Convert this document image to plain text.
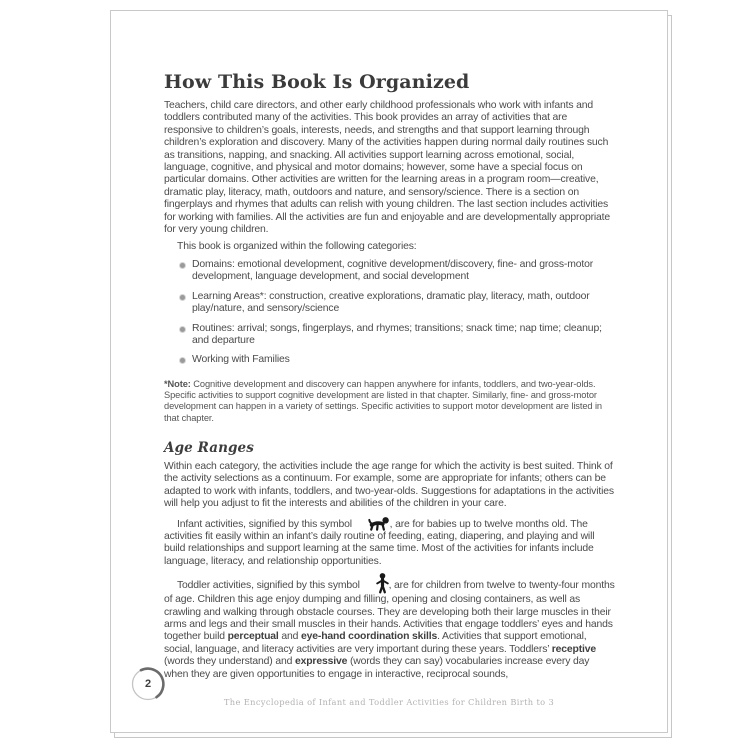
How This Book Is Organized

Teachers, child care directors, and other early childhood professionals who work with infants and toddlers contributed many of the activities. This book provides an array of activities that are responsive to children’s goals, interests, needs, and strengths and that support learning through children’s exploration and discovery. Many of the activities happen during normal daily routines such as transitions, napping, and snacking. All activities support learning across emotional, social, language, cognitive, and physical and motor domains; however, some have a special focus on particular domains. Other activities are written for the learning areas in a program room—creative, dramatic play, literacy, math, outdoors and nature, and sensory/science. There is a section on fingerplays and rhymes that adults can relish with young children. The last section includes activities for working with families. All the activities are fun and enjoyable and are developmentally appropriate for very young children.

This book is organized within the following categories:

Domains: emotional development, cognitive development/discovery, fine- and gross-motor development, language development, and social development
Learning Areas*: construction, creative explorations, dramatic play, literacy, math, outdoor play/nature, and sensory/science
Routines: arrival; songs, fingerplays, and rhymes; transitions; snack time; nap time; cleanup; and departure
Working with Families

*Note: Cognitive development and discovery can happen anywhere for infants, toddlers, and two-year-olds. Specific activities to support cognitive development are listed in that chapter. Similarly, fine- and gross-motor development can happen in a variety of settings. Specific activities to support motor development are listed in that chapter.

Age Ranges

Within each category, the activities include the age range for which the activity is best suited. Think of the activity selections as a continuum. For example, some are appropriate for infants; others can be adapted to work with infants, toddlers, and two-year-olds. Suggestions for adaptations in the activities will help you adjust to fit the interests and abilities of the children in your care.

Infant activities, signified by this symbol	, are for babies up to twelve months old. The activities fit easily within an infant’s daily routine of feeding, eating, diapering, and playing and will build relationships and support learning at the same time. Most of the activities for infants include language, literacy, and relationship opportunities.

Toddler activities, signified by this symbol	, are for children from twelve to twenty-four months of age. Children this age enjoy dumping and filling, opening and closing containers, as well as crawling and walking through obstacle courses. They are developing both their large muscles in their arms and legs and their small muscles in their hands. Activities that engage toddlers’ eyes and hands together build perceptual and eye-hand coordination skills. Activities that support emotional, social, language, and literacy activities are very important during these years. Toddlers’ receptive (words they understand) and expressive (words they can say) vocabularies increase every day when they are given opportunities to engage in interactive, reciprocal sounds,

2
The Encyclopedia of Infant and Toddler Activities for Children Birth to 3
